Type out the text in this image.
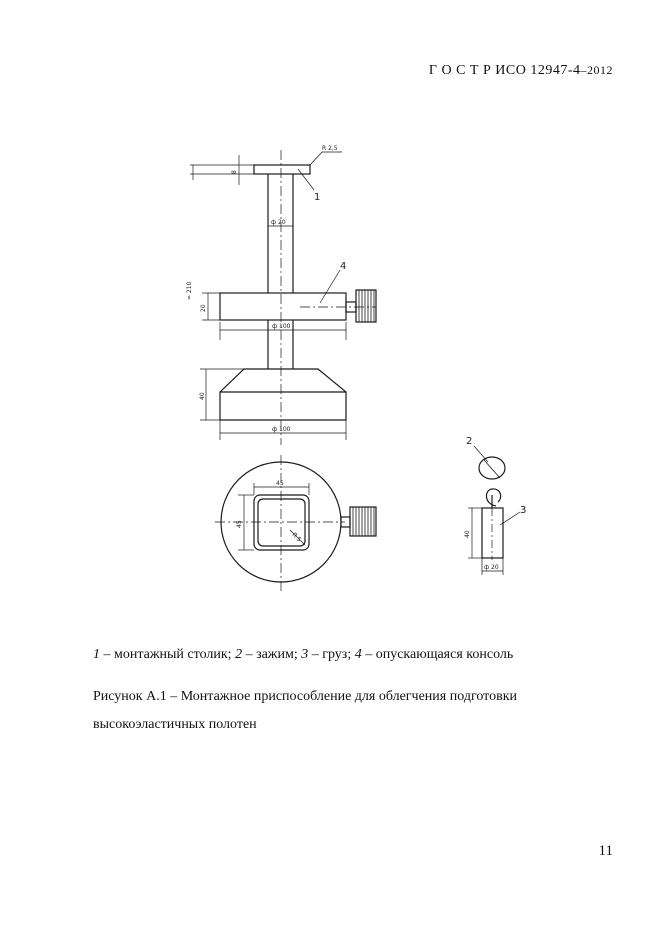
Г О С Т Р ИСО 12947-4–2012
1
4
2
3
R 2,5
8
ф 20
≈ 210
20
ф 100
40
ф 100
45
45
R 5	40
ф 20
1 – монтажный столик; 2 – зажим; 3 – груз; 4 – опускающаяся консоль
Рисунок А.1 – Монтажное приспособление для облегчения подготовки высокоэластичных полотен
11
